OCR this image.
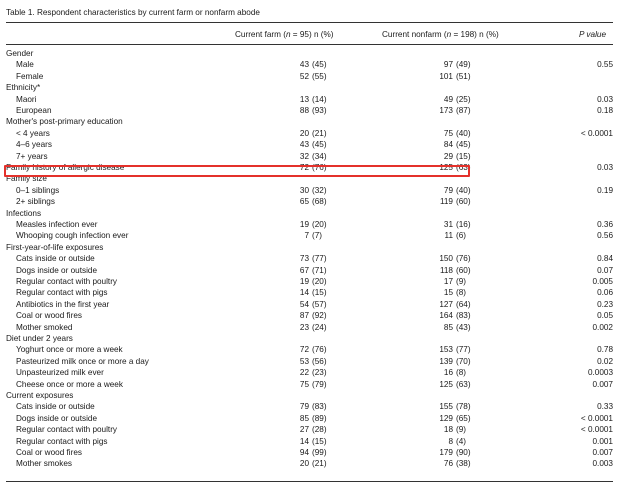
Table 1. Respondent characteristics by current farm or nonfarm abode
Current farm (n = 95) n (%)	Current nonfarm (n = 198) n (%)	P value
Gender
Male	43 (45)	97 (49)	0.55
Female	52 (55)	101 (51)
Ethnicity*
Maori	13 (14)	49 (25)	0.03
European	88 (93)	173 (87)	0.18
Mother's post-primary education
< 4 years	20 (21)	75 (40)	< 0.0001
4–6 years	43 (45)	84 (45)
7+ years	32 (34)	29 (15)
Family history of allergic disease	72 (76)	125 (63)	0.03
Family size
0–1 siblings	30 (32)	79 (40)	0.19
2+ siblings	65 (68)	119 (60)
Infections
Measles infection ever	19 (20)	31 (16)	0.36
Whooping cough infection ever	7 (7)	11 (6)	0.56
First-year-of-life exposures
Cats inside or outside	73 (77)	150 (76)	0.84
Dogs inside or outside	67 (71)	118 (60)	0.07
Regular contact with poultry	19 (20)	17 (9)	0.005
Regular contact with pigs	14 (15)	15 (8)	0.06
Antibiotics in the first year	54 (57)	127 (64)	0.23
Coal or wood fires	87 (92)	164 (83)	0.05
Mother smoked	23 (24)	85 (43)	0.002
Diet under 2 years
Yoghurt once or more a week	72 (76)	153 (77)	0.78
Pasteurized milk once or more a day	53 (56)	139 (70)	0.02
Unpasteurized milk ever	22 (23)	16 (8)	0.0003
Cheese once or more a week	75 (79)	125 (63)	0.007
Current exposures
Cats inside or outside	79 (83)	155 (78)	0.33
Dogs inside or outside	85 (89)	129 (65)	< 0.0001
Regular contact with poultry	27 (28)	18 (9)	< 0.0001
Regular contact with pigs	14 (15)	8 (4)	0.001
Coal or wood fires	94 (99)	179 (90)	0.007
Mother smokes	20 (21)	76 (38)	0.003
